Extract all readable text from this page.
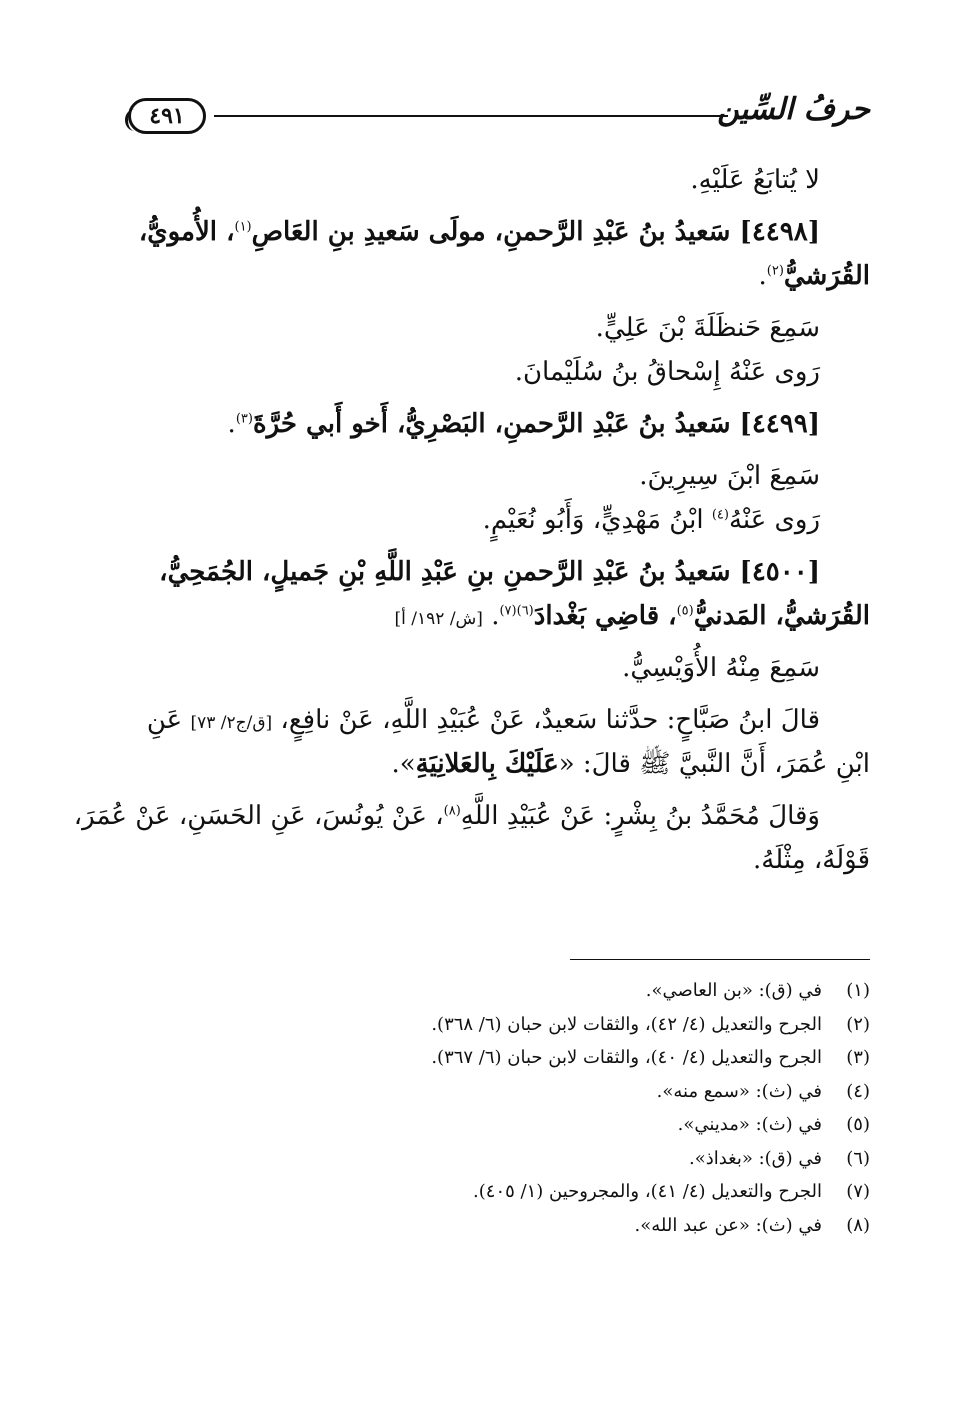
٤٩١	حرفُ السِّين
لا يُتابَعُ عَلَيْهِ.
[٤٤٩٨] سَعيدُ بنُ عَبْدِ الرَّحمنِ، مولَى سَعيدِ بنِ العَاصِ$^{(١)}$، الأُمويُّ،
القُرَشيُّ$^{(٢)}$.
سَمِعَ حَنظَلَةَ بْنَ عَلِيٍّ.
رَوى عَنْهُ إِسْحاقُ بنُ سُلَيْمانَ.
[٤٤٩٩] سَعيدُ بنُ عَبْدِ الرَّحمنِ، البَصْرِيُّ، أَخو أَبي حُرَّةَ$^{(٣)}$.
سَمِعَ ابْنَ سِيرِينَ.
رَوى عَنْهُ$^{(٤)}$ ابْنُ مَهْدِيٍّ، وَأَبُو نُعَيْمٍ.
[٤٥٠٠] سَعيدُ بنُ عَبْدِ الرَّحمنِ بنِ عَبْدِ اللَّهِ بْنِ جَميلٍ، الجُمَحِيُّ،
القُرَشيُّ، المَدنيُّ$^{(٥)}$، قاضِي بَغْدادَ$^{(٦)(٧)}$. [ش/ ١٩٢/ أ]
سَمِعَ مِنْهُ الأُوَيْسِيُّ.
قالَ ابنُ صَبَّاحٍ: حدَّثنا سَعيدٌ، عَنْ عُبَيْدِ اللَّهِ، عَنْ نافِعٍ، [ق/ج٢/ ٧٣] عَنِ
ابْنِ عُمَرَ، أَنَّ النَّبيَّ ﷺ قالَ: «عَلَيْكَ بِالعَلانِيَةِ».
وَقالَ مُحَمَّدُ بنُ بِشْرٍ: عَنْ عُبَيْدِ اللَّهِ$^{(٨)}$، عَنْ يُونُسَ، عَنِ الحَسَنِ، عَنْ عُمَرَ،
قَوْلَهُ، مِثْلَهُ.
(١)
في (ق): «بن العاصي».
(٢)
الجرح والتعديل (٤/ ٤٢)، والثقات لابن حبان (٦/ ٣٦٨).
(٣)
الجرح والتعديل (٤/ ٤٠)، والثقات لابن حبان (٦/ ٣٦٧).
(٤)
في (ث): «سمع منه».
(٥)
في (ث): «مديني».
(٦)
في (ق): «بغداذ».
(٧)
الجرح والتعديل (٤/ ٤١)، والمجروحين (١/ ٤٠٥).
(٨)
في (ث): «عن عبد الله».
